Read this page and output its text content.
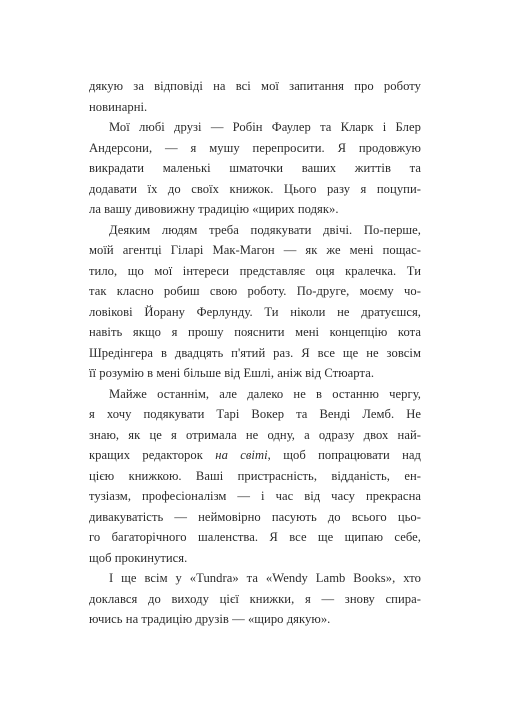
дякую за відповіді на всі мої запитання про роботу
новинарні.
Мої любі друзі — Робін Фаулер та Кларк і Блер
Андерсони, — я мушу перепросити. Я продовжую
викрадати маленькі шматочки ваших життів та
додавати їх до своїх книжок. Цього разу я поцупи-
ла вашу дивовижну традицію «щирих подяк».
Деяким людям треба подякувати двічі. По-перше,
моїй агентці Гіларі Мак-Магон — як же мені пощас-
тило, що мої інтереси представляє оця кралечка. Ти
так класно робиш свою роботу. По-друге, моєму чо-
ловікові Йорану Ферлунду. Ти ніколи не дратуєшся,
навіть якщо я прошу пояснити мені концепцію кота
Шредінгера в двадцять п'ятий раз. Я все ще не зовсім
її розумію в мені більше від Ешлі, аніж від Стюарта.
Майже останнім, але далеко не в останню чергу,
я хочу подякувати Тарі Вокер та Венді Лемб. Не
знаю, як це я отримала не одну, а одразу двох най-
кращих редакторок на світі, щоб попрацювати над
цією книжкою. Ваші пристрасність, відданість, ен-
тузіазм, професіоналізм — і час від часу прекрасна
дивакуватість — неймовірно пасують до всього цьо-
го багаторічного шаленства. Я все ще щипаю себе,
щоб прокинутися.
І ще всім у «Tundra» та «Wendy Lamb Books», хто
доклався до виходу цієї книжки, я — знову спира-
ючись на традицію друзів — «щиро дякую».
